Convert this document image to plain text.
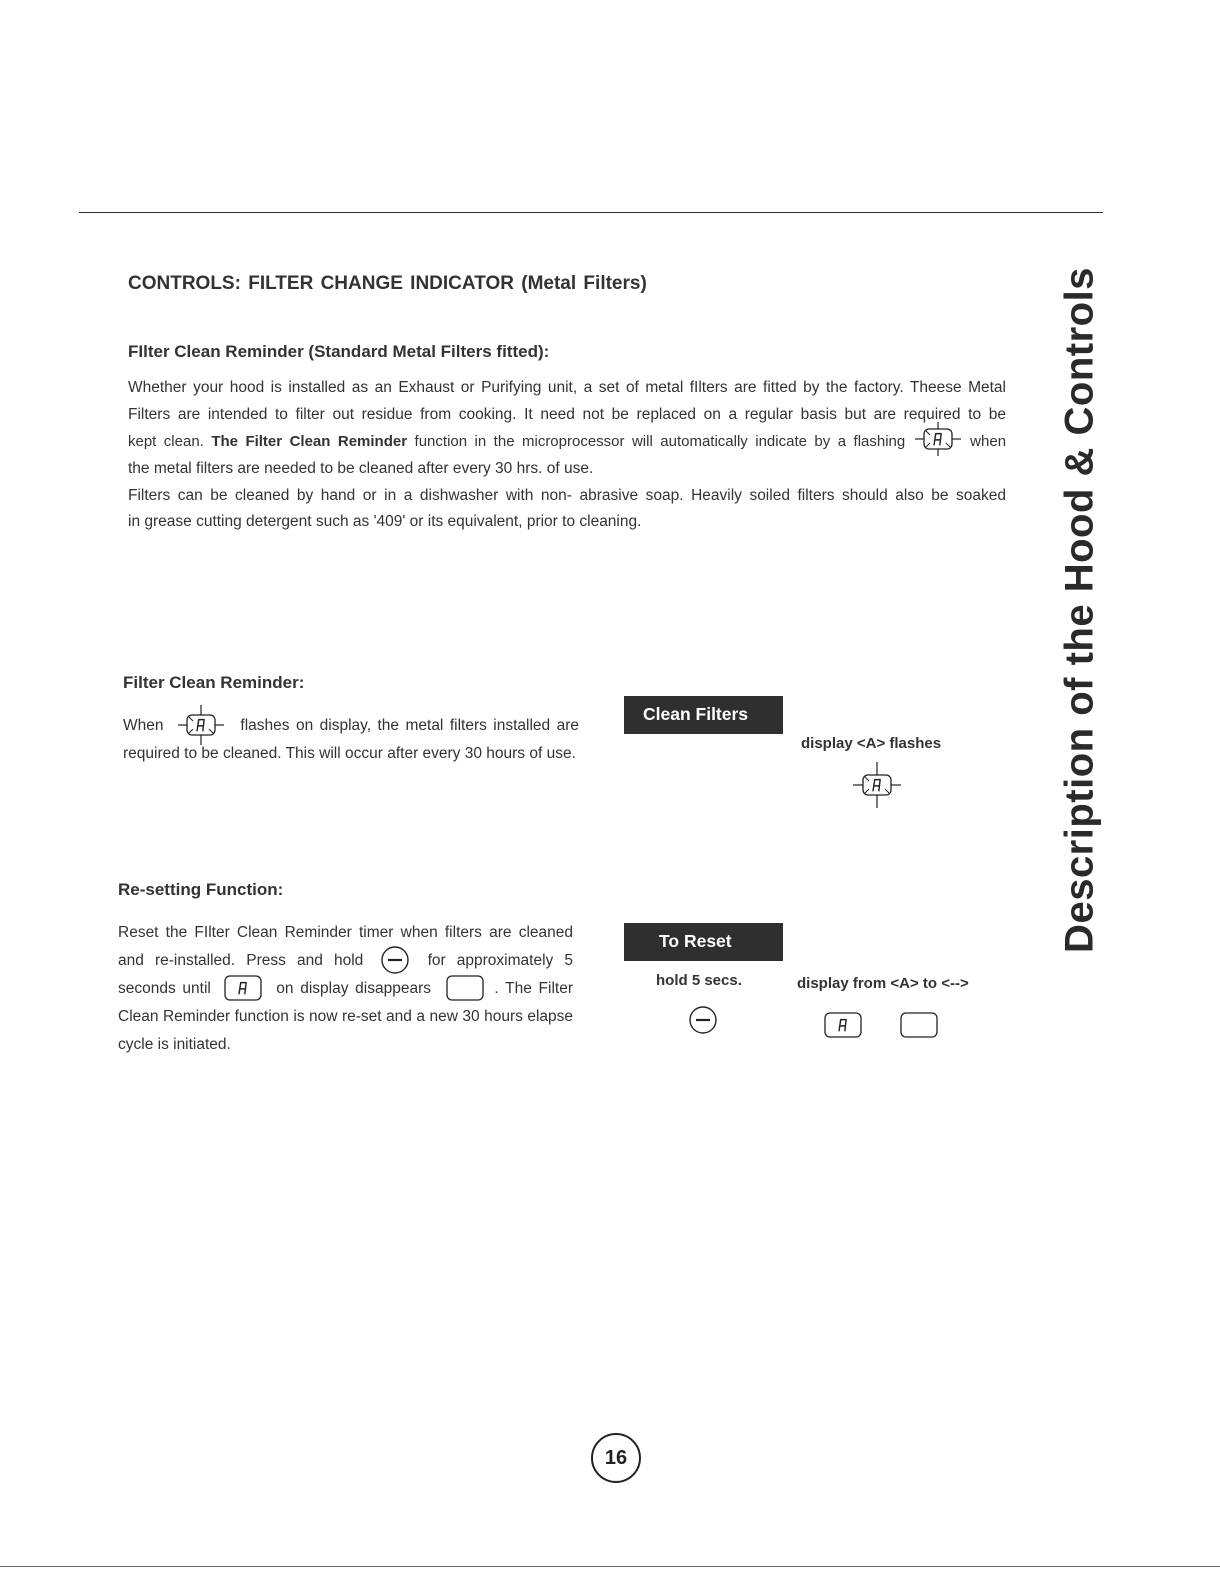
Description of the Hood & Controls
CONTROLS: FILTER CHANGE INDICATOR (Metal Filters)
FIlter Clean Reminder (Standard Metal Filters fitted):
Whether your hood is installed as an Exhaust or Purifying unit, a set of metal fIlters are fitted by the factory. Theese Metal
Filters are intended to filter out residue from cooking. It need not be replaced on a regular basis but are required to be
kept clean. The Filter Clean Reminder function in the microprocessor will automatically indicate by a flashing	when
the metal filters are needed to be cleaned after every 30 hrs. of use.
Filters can be cleaned by hand or in a dishwasher with non- abrasive soap. Heavily soiled filters should also be soaked
in grease cutting detergent such as '409' or its equivalent, prior to cleaning.
Filter Clean Reminder:
When	flashes on display, the metal filters installed are required to be cleaned. This will occur after every 30 hours of use.
Clean Filters
display <A> flashes
Re-setting Function:
Reset the FIlter Clean Reminder timer when filters are cleaned and re-installed. Press and hold	for approximately 5 seconds until	on display disappears	. The Filter Clean Reminder function is now re-set and a new 30 hours elapse cycle is initiated.
To Reset
hold 5 secs.	display from <A> to <-->
16
